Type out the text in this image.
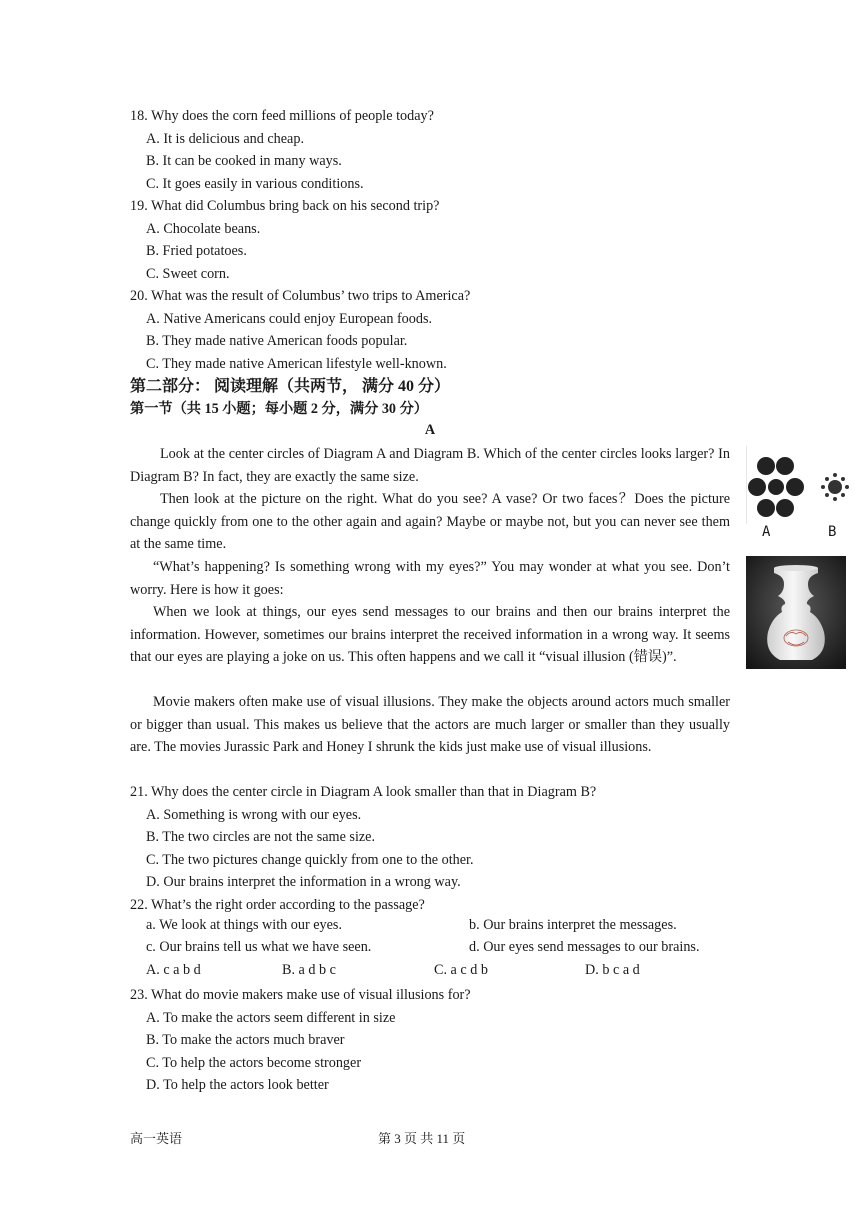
18. Why does the corn feed millions of people today?
A. It is delicious and cheap.
B. It can be cooked in many ways.
C. It goes easily in various conditions.
19. What did Columbus bring back on his second trip?
A. Chocolate beans.
B. Fried potatoes.
C. Sweet corn.
20. What was the result of Columbus’ two trips to America?
A. Native Americans could enjoy European foods.
B. They made native American foods popular.
C. They made native American lifestyle well-known.
第二部分： 阅读理解（共两节， 满分 40 分）
第一节（共 15 小题；每小题 2 分，满分 30 分）
A
Look at the center circles of Diagram A and Diagram B. Which of the center circles looks larger? In Diagram B? In fact, they are exactly the same size.
Then look at the picture on the right. What do you see? A vase? Or two faces？Does the picture change quickly from one to the other again and again? Maybe or maybe not, but you can never see them at the same time.
“What’s happening? Is something wrong with my eyes?” You may wonder at what you see. Don’t worry. Here is how it goes:
When we look at things, our eyes send messages to our brains and then our brains interpret the information. However, sometimes our brains interpret the received information in a wrong way. It seems that our eyes are playing a joke on us. This often happens and we call it “visual illusion (错误)”.
Movie makers often make use of visual illusions. They make the objects around actors much smaller or bigger than usual. This makes us believe that the actors are much larger or smaller than they usually are. The movies Jurassic Park and Honey I shrunk the kids just make use of visual illusions.
A	B
21. Why does the center circle in Diagram A look smaller than that in Diagram B?
A. Something is wrong with our eyes.
B. The two circles are not the same size.
C. The two pictures change quickly from one to the other.
D. Our brains interpret the information in a wrong way.
22. What’s the right order according to the passage?
a. We look at things with our eyes.	b. Our brains interpret the messages.
c. Our brains tell us what we have seen.	d. Our eyes send messages to our brains.
A. c a b d	B. a d b c	C. a c d b	D. b c a d
23. What do movie makers make use of visual illusions for?
A. To make the actors seem different in size
B. To make the actors much braver
C. To help the actors become stronger
D. To help the actors look better
高一英语	第 3 页 共 11 页
